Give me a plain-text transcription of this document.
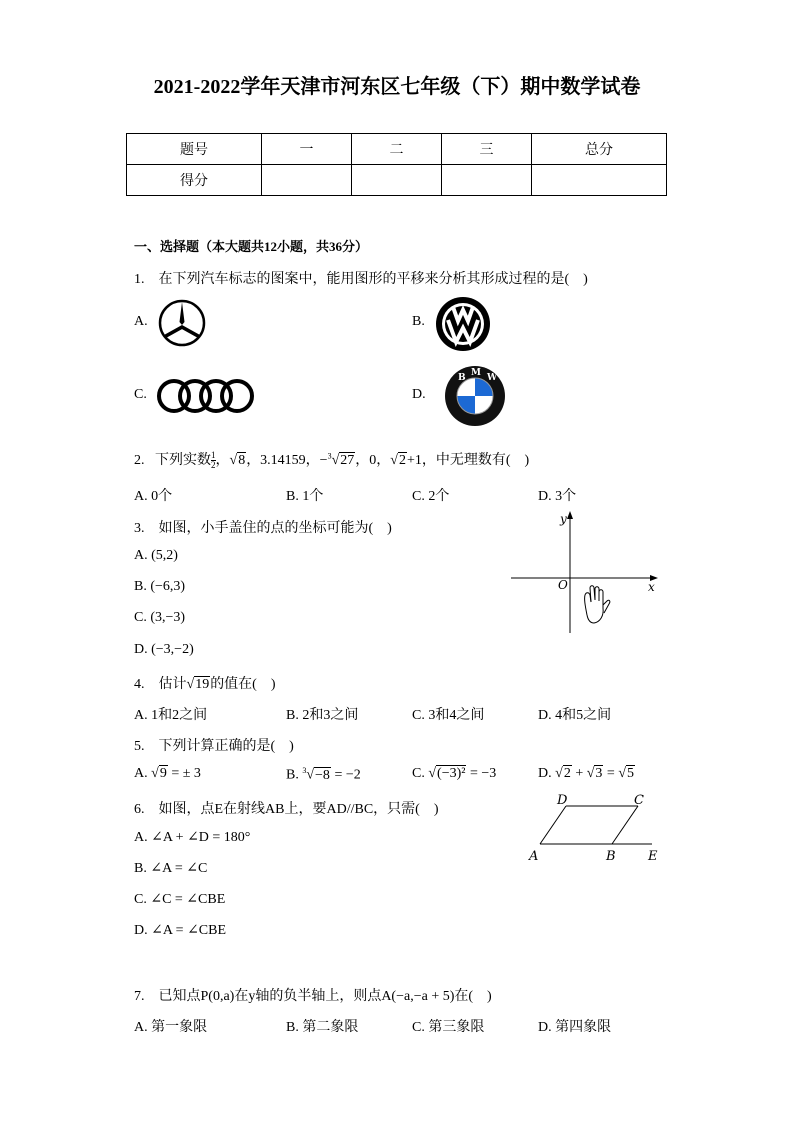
2021-2022学年天津市河东区七年级（下）期中数学试卷
题号	一	二	三	总分
得分				
一、选择题（本大题共12小题，共36分）
1.　在下列汽车标志的图案中，能用图形的平移来分析其形成过程的是(　)
A.	B.
C.	D.
B M W
2. 下列实数 $\frac{1}{2}$ ，√8，3.14159，−$^3$√27，0，√2+1，中无理数有(　)
A. 0个	B. 1个	C. 2个	D. 3个
3.　如图，小手盖住的点的坐标可能为(　)
A. (5,2)
B. (−6,3)
C. (3,−3)
D. (−3,−2)
y
x
O
4.　估计√19的值在(　)
A. 1和2之间	B. 2和3之间	C. 3和4之间	D. 4和5之间
5.　下列计算正确的是(　)
A. √9 = ± 3	B. $^3$√−8 = −2	C. √(−3)² = −3	D. √2 + √3 = √5
6.　如图，点E在射线AB上，要AD//BC，只需(　)
A. ∠A + ∠D = 180°
B. ∠A = ∠C
C. ∠C = ∠CBE
D. ∠A = ∠CBE
D	C
A	B E
7.　已知点P(0,a)在y轴的负半轴上，则点A(−a,−a + 5)在(　)
A. 第一象限	B. 第二象限	C. 第三象限	D. 第四象限
